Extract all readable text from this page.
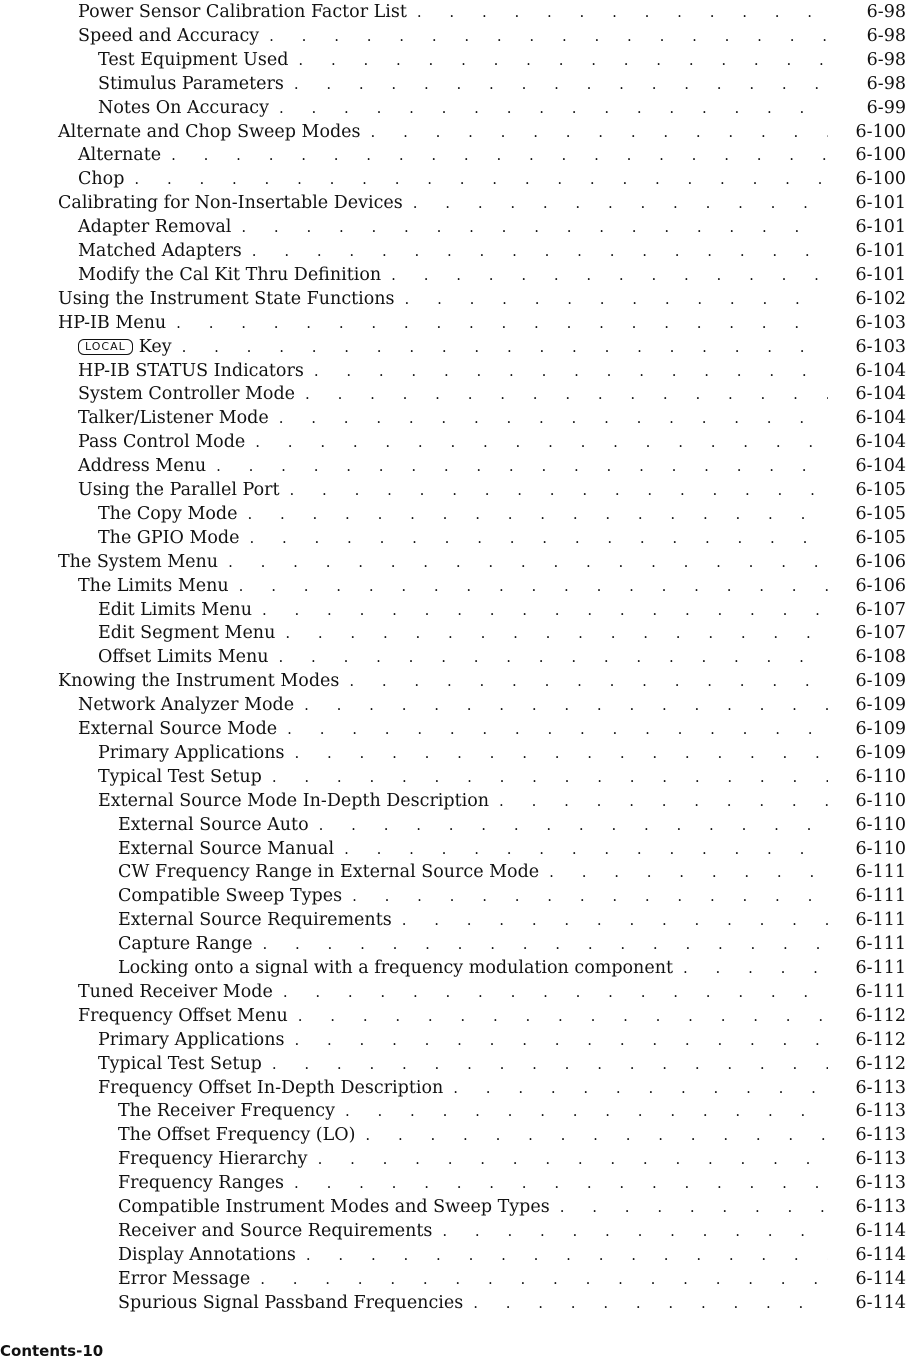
Power Sensor Calibration Factor List . . .	6-98
Speed and Accuracy . . .	6-98
Test Equipment Used . . .	6-98
Stimulus Parameters . . .	6-98
Notes On Accuracy . . .	6-99
Alternate and Chop Sweep Modes . . .	6-100
Alternate . . .	6-100
Chop . . .	6-100
Calibrating for Non-Insertable Devices . . .	6-101
Adapter Removal . . .	6-101
Matched Adapters . . .	6-101
Modify the Cal Kit Thru Definition . . .	6-101
Using the Instrument State Functions . . .	6-102
HP-IB Menu . . .	6-103
LOCAL Key . . .	6-103
HP-IB STATUS Indicators . . .	6-104
System Controller Mode . . .	6-104
Talker/Listener Mode . . .	6-104
Pass Control Mode . . .	6-104
Address Menu . . .	6-104
Using the Parallel Port . . .	6-105
The Copy Mode . . .	6-105
The GPIO Mode . . .	6-105
The System Menu . . .	6-106
The Limits Menu . . .	6-106
Edit Limits Menu . . .	6-107
Edit Segment Menu . . .	6-107
Offset Limits Menu . . .	6-108
Knowing the Instrument Modes . . .	6-109
Network Analyzer Mode . . .	6-109
External Source Mode . . .	6-109
Primary Applications . . .	6-109
Typical Test Setup . . .	6-110
External Source Mode In-Depth Description . . .	6-110
External Source Auto . . .	6-110
External Source Manual . . .	6-110
CW Frequency Range in External Source Mode . . .	6-111
Compatible Sweep Types . . .	6-111
External Source Requirements . . .	6-111
Capture Range . . .	6-111
Locking onto a signal with a frequency modulation component . . .	6-111
Tuned Receiver Mode . . .	6-111
Frequency Offset Menu . . .	6-112
Primary Applications . . .	6-112
Typical Test Setup . . .	6-112
Frequency Offset In-Depth Description . . .	6-113
The Receiver Frequency . . .	6-113
The Offset Frequency (LO) . . .	6-113
Frequency Hierarchy . . .	6-113
Frequency Ranges . . .	6-113
Compatible Instrument Modes and Sweep Types . . .	6-113
Receiver and Source Requirements . . .	6-114
Display Annotations . . .	6-114
Error Message . . .	6-114
Spurious Signal Passband Frequencies . . .	6-114
Contents-10
